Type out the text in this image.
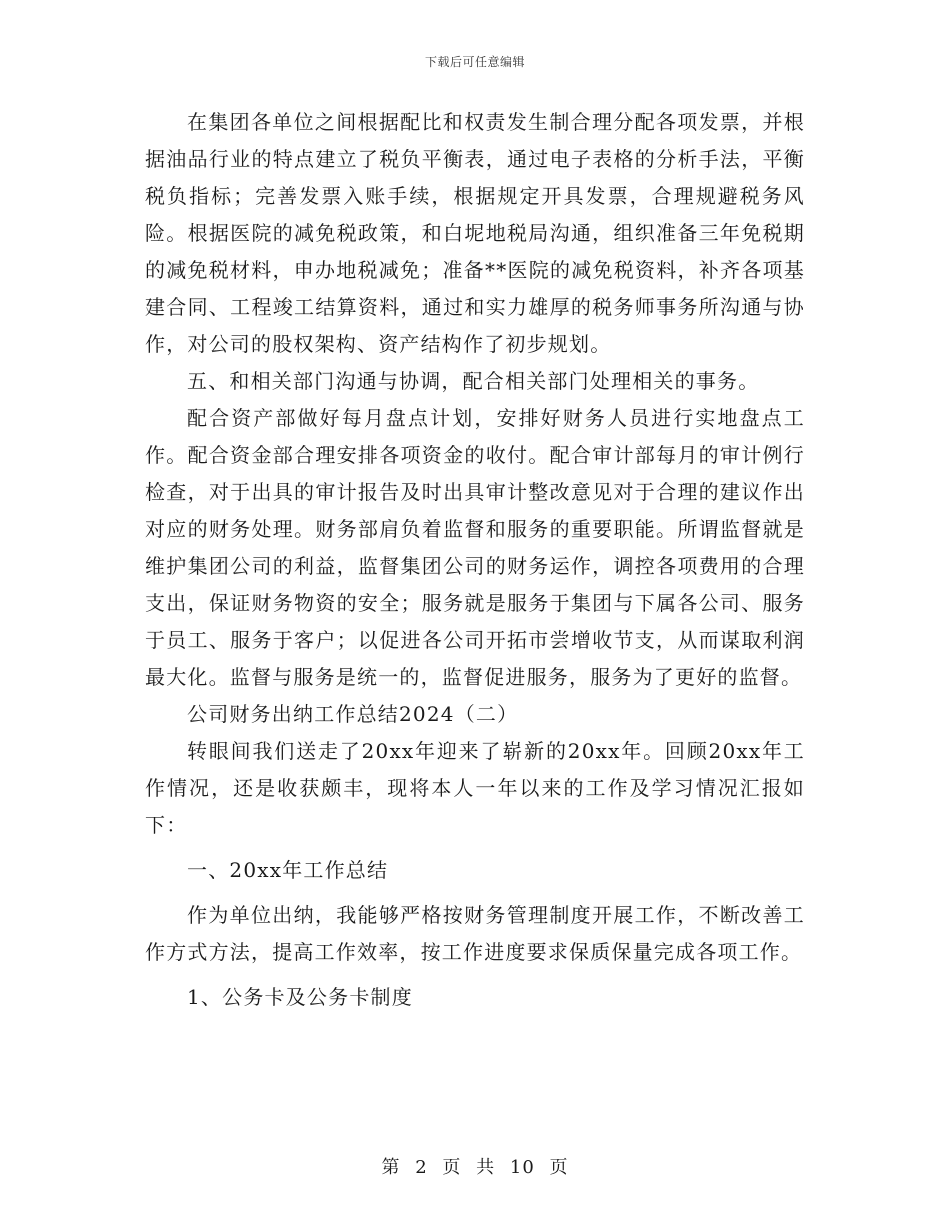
下载后可任意编辑

在集团各单位之间根据配比和权责发生制合理分配各项发票，并根据油品行业的特点建立了税负平衡表，通过电子表格的分析手法，平衡税负指标；完善发票入账手续，根据规定开具发票，合理规避税务风险。根据医院的减免税政策，和白坭地税局沟通，组织准备三年免税期的减免税材料，申办地税减免；准备**医院的减免税资料，补齐各项基建合同、工程竣工结算资料，通过和实力雄厚的税务师事务所沟通与协作，对公司的股权架构、资产结构作了初步规划。

五、和相关部门沟通与协调，配合相关部门处理相关的事务。

配合资产部做好每月盘点计划，安排好财务人员进行实地盘点工作。配合资金部合理安排各项资金的收付。配合审计部每月的审计例行检查，对于出具的审计报告及时出具审计整改意见对于合理的建议作出对应的财务处理。财务部肩负着监督和服务的重要职能。所谓监督就是维护集团公司的利益，监督集团公司的财务运作，调控各项费用的合理支出，保证财务物资的安全；服务就是服务于集团与下属各公司、服务于员工、服务于客户；以促进各公司开拓市尝增收节支，从而谋取利润最大化。监督与服务是统一的，监督促进服务，服务为了更好的监督。

公司财务出纳工作总结2024（二）

转眼间我们送走了20xx年迎来了崭新的20xx年。回顾20xx年工作情况，还是收获颇丰，现将本人一年以来的工作及学习情况汇报如下：

一、20xx年工作总结

作为单位出纳，我能够严格按财务管理制度开展工作，不断改善工作方式方法，提高工作效率，按工作进度要求保质保量完成各项工作。

1、公务卡及公务卡制度

第 2 页 共 10 页
